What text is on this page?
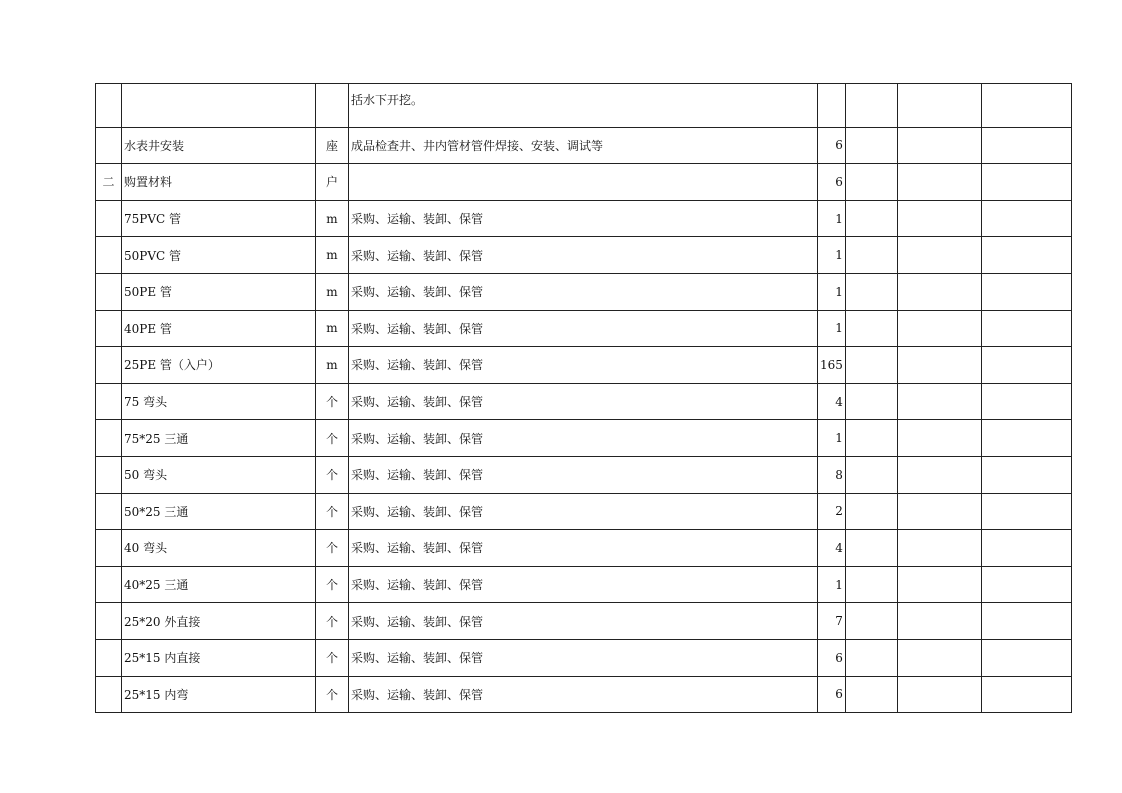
			括水下开挖。				
	水表井安装	座	成品检查井、井内管材管件焊接、安装、调试等	6			
二	购置材料	户		6			
	75PVC 管	m	采购、运输、装卸、保管	1			
	50PVC 管	m	采购、运输、装卸、保管	1			
	50PE 管	m	采购、运输、装卸、保管	1			
	40PE 管	m	采购、运输、装卸、保管	1			
	25PE 管（入户）	m	采购、运输、装卸、保管	165			
	75 弯头	个	采购、运输、装卸、保管	4			
	75*25 三通	个	采购、运输、装卸、保管	1			
	50 弯头	个	采购、运输、装卸、保管	8			
	50*25 三通	个	采购、运输、装卸、保管	2			
	40 弯头	个	采购、运输、装卸、保管	4			
	40*25 三通	个	采购、运输、装卸、保管	1			
	25*20 外直接	个	采购、运输、装卸、保管	7			
	25*15 内直接	个	采购、运输、装卸、保管	6			
	25*15 内弯	个	采购、运输、装卸、保管	6			
